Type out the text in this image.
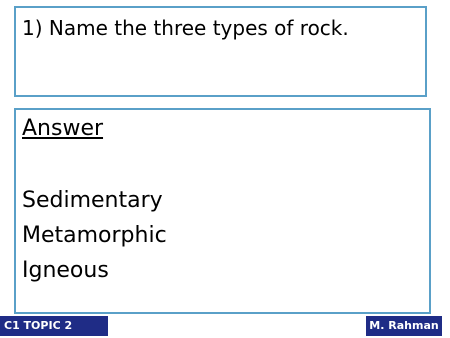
1) Name the three types of rock.
Answer
Sedimentary
Metamorphic
Igneous
C1 TOPIC 2	M. Rahman
